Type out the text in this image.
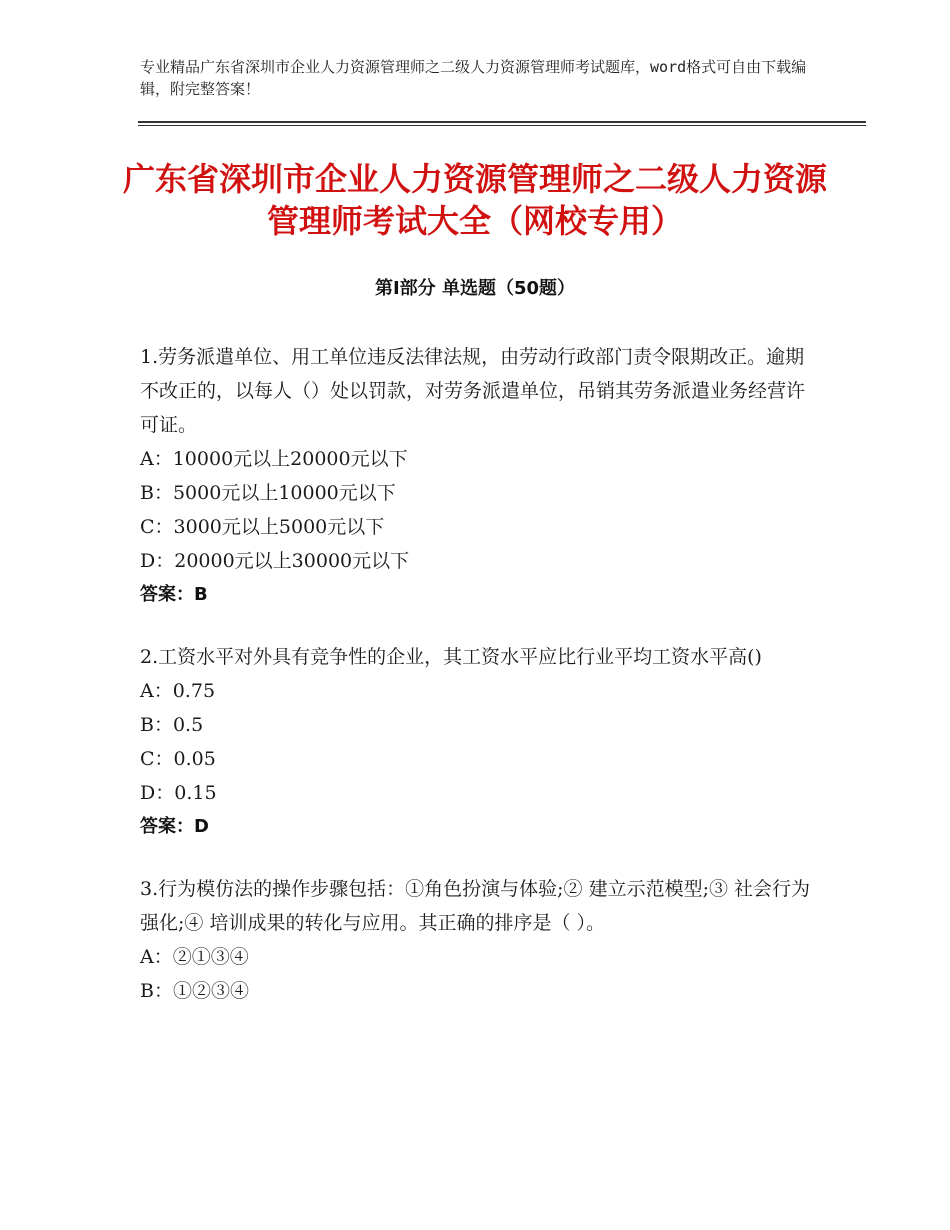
专业精品广东省深圳市企业人力资源管理师之二级人力资源管理师考试题库，word格式可自由下载编辑，附完整答案！
广东省深圳市企业人力资源管理师之二级人力资源管理师考试大全（网校专用）
第Ⅰ部分 单选题（50题）

1.劳务派遣单位、用工单位违反法律法规，由劳动行政部门责令限期改正。逾期不改正的，以每人（）处以罚款，对劳务派遣单位，吊销其劳务派遣业务经营许可证。

A：10000元以上20000元以下

B：5000元以上10000元以下

C：3000元以上5000元以下

D：20000元以上30000元以下

答案：B

2.工资水平对外具有竞争性的企业，其工资水平应比行业平均工资水平高()

A：0.75

B：0.5

C：0.05

D：0.15

答案：D

3.行为模仿法的操作步骤包括：①角色扮演与体验;② 建立示范模型;③ 社会行为强化;④ 培训成果的转化与应用。其正确的排序是（ ）。

A：②①③④

B：①②③④
